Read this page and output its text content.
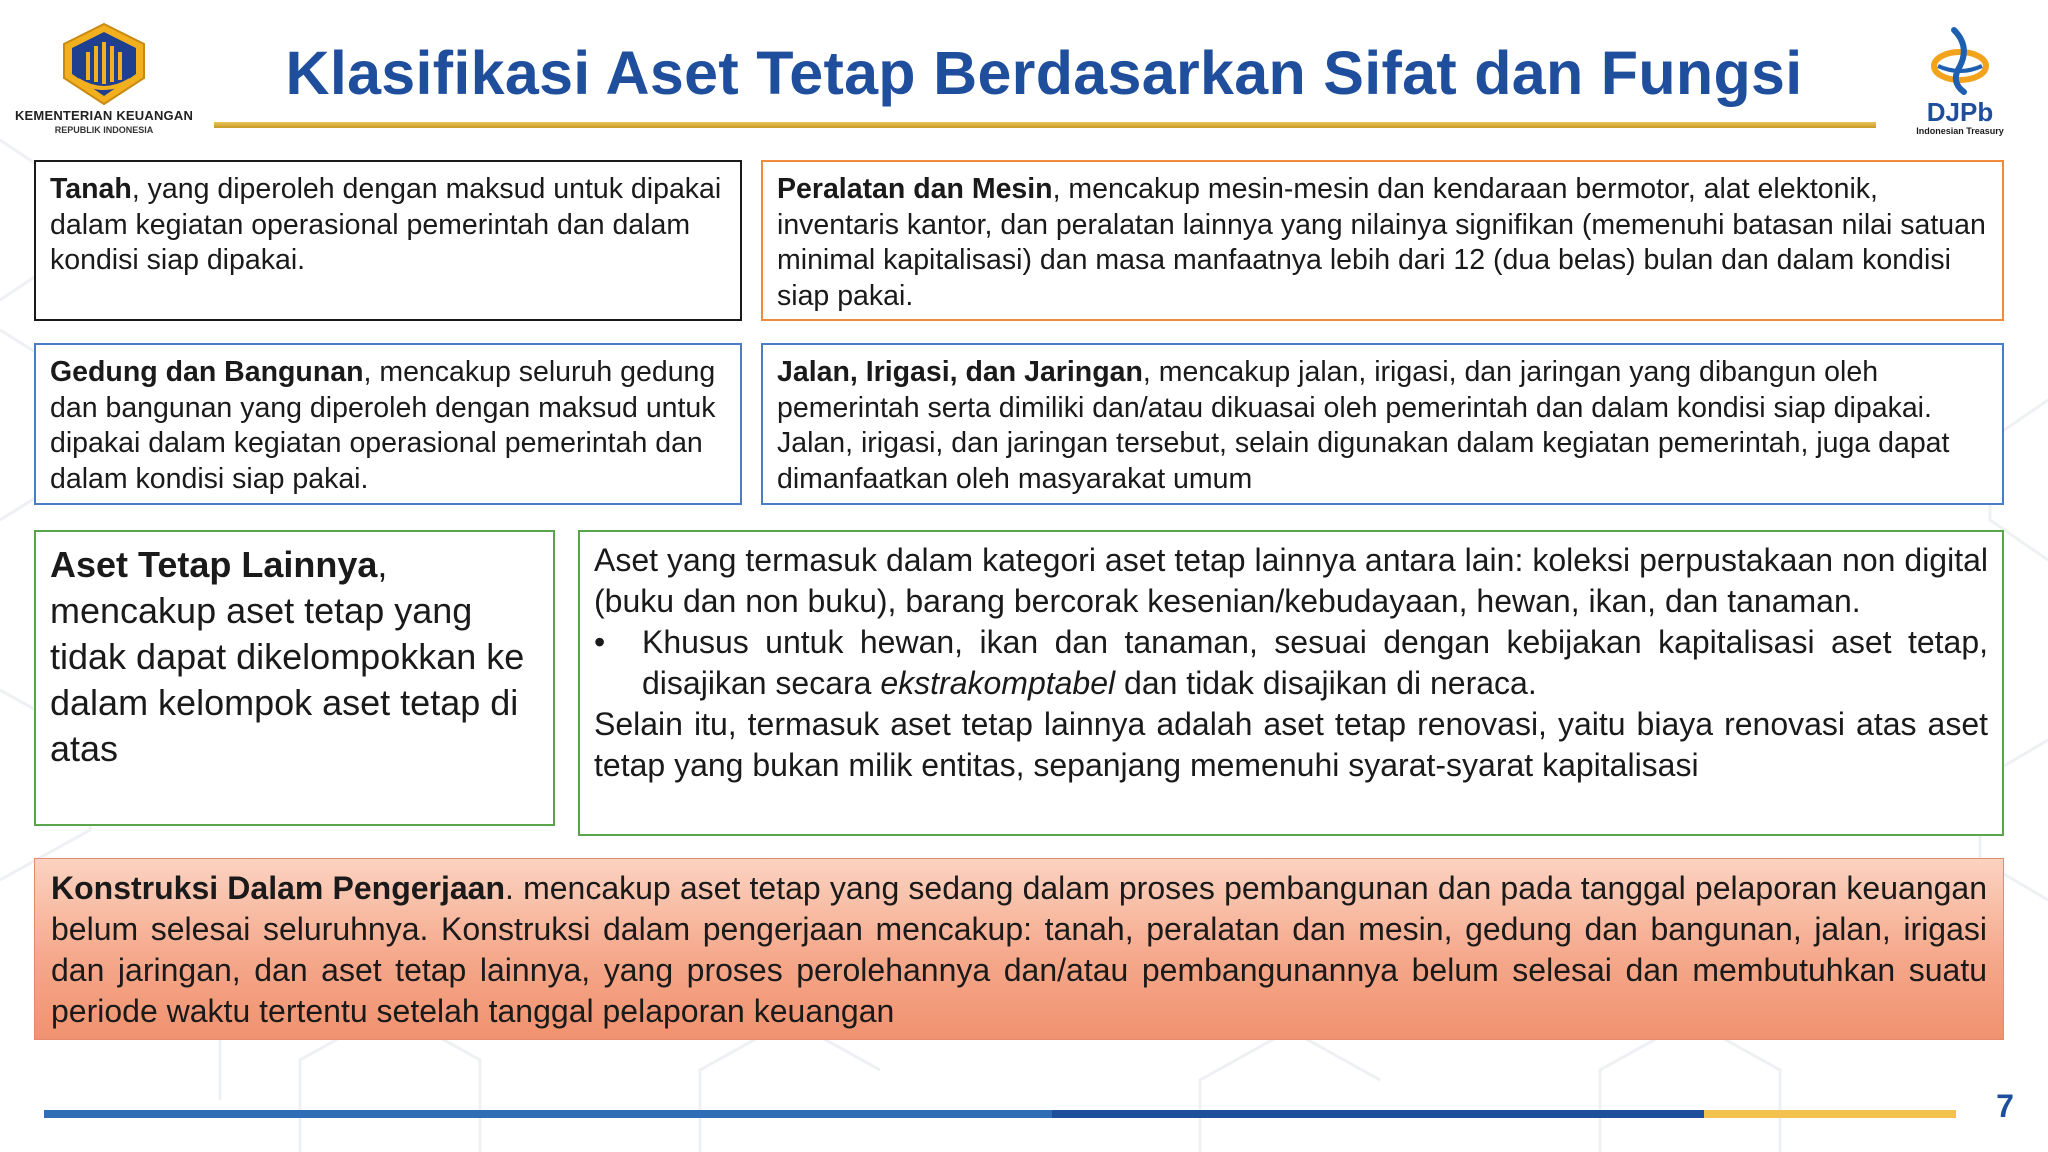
KEMENTERIAN KEUANGAN
REPUBLIK INDONESIA
Klasifikasi Aset Tetap Berdasarkan Sifat dan Fungsi
DJPb
Indonesian Treasury
Tanah, yang diperoleh dengan maksud untuk dipakai dalam kegiatan operasional pemerintah dan dalam kondisi siap dipakai.
Peralatan dan Mesin, mencakup mesin-mesin dan kendaraan bermotor, alat elektonik, inventaris kantor, dan peralatan lainnya yang nilainya signifikan (memenuhi batasan nilai satuan minimal kapitalisasi) dan masa manfaatnya lebih dari 12 (dua belas) bulan dan dalam kondisi siap pakai.
Gedung dan Bangunan, mencakup seluruh gedung dan bangunan yang diperoleh dengan maksud untuk dipakai dalam kegiatan operasional pemerintah dan dalam kondisi siap pakai.
Jalan, Irigasi, dan Jaringan, mencakup jalan, irigasi, dan jaringan yang dibangun oleh pemerintah serta dimiliki dan/atau dikuasai oleh pemerintah dan dalam kondisi siap dipakai. Jalan, irigasi, dan jaringan tersebut, selain digunakan dalam kegiatan pemerintah, juga dapat dimanfaatkan oleh masyarakat umum
Aset Tetap Lainnya, mencakup aset tetap yang tidak dapat dikelompokkan ke dalam kelompok aset tetap di atas

Aset yang termasuk dalam kategori aset tetap lainnya antara lain: koleksi perpustakaan non digital (buku dan non buku), barang bercorak kesenian/kebudayaan, hewan, ikan, dan tanaman.

•	Khusus untuk hewan, ikan dan tanaman, sesuai dengan kebijakan kapitalisasi aset tetap, disajikan secara ekstrakomptabel dan tidak disajikan di neraca.

Selain itu, termasuk aset tetap lainnya adalah aset tetap renovasi, yaitu biaya renovasi atas aset tetap yang bukan milik entitas, sepanjang memenuhi syarat-syarat kapitalisasi

Konstruksi Dalam Pengerjaan. mencakup aset tetap yang sedang dalam proses pembangunan dan pada tanggal pelaporan keuangan belum selesai seluruhnya. Konstruksi dalam pengerjaan mencakup: tanah, peralatan dan mesin, gedung dan bangunan, jalan, irigasi dan jaringan, dan aset tetap lainnya, yang proses perolehannya dan/atau pembangunannya belum selesai dan membutuhkan suatu periode waktu tertentu setelah tanggal pelaporan keuangan
7
